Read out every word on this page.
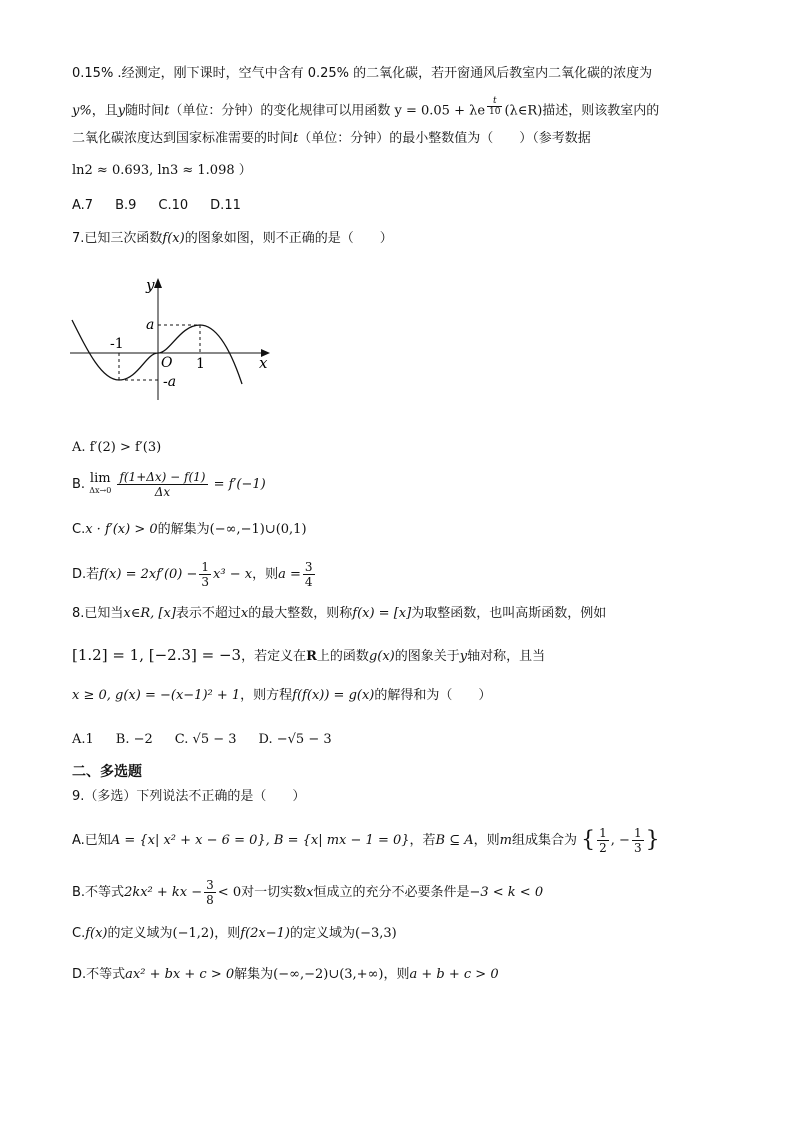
0.15% .经测定，刚下课时，空气中含有 0.25% 的二氧化碳，若开窗通风后教室内二氧化碳的浓度为
y%，且y随时间t（单位：分钟）的变化规律可以用函数 y = 0.05 + λe $^{\frac{t}{10}}$ (λ∈R)描述，则该教室内的
二氧化碳浓度达到国家标准需要的时间t（单位：分钟）的最小整数值为（　　）（参考数据
ln2 ≈ 0.693, ln3 ≈ 1.098 ）
A.7 B.9 C.10 D.11
7.已知三次函数f(x)的图象如图，则不正确的是（　　）
y
x
a
-a
-1
1
O
A. f′(2) > f′(3)
B. lim
Δx→0
$\frac{f(1+\Delta x) - f(1)}{\Delta x} = f'(-1)$
C.x · f′(x) > 0的解集为(−∞,−1)∪(0,1)
D.若$f(x) = 2xf'(0) - \frac{1}{3} x^3 - x$，则$a = \frac{3}{4}$
8.已知当x∈R, [x]表示不超过x的最大整数，则称f(x) = [x]为取整函数，也叫高斯函数，例如
[1.2] = 1, [−2.3] = −3，若定义在R上的函数g(x)的图象关于y轴对称，且当
x ≥ 0, g(x) = −(x−1)² + 1，则方程f(f(x)) = g(x)的解得和为（　　）
A.1 B. −2 C. √5 − 3 D. −√5 − 3
二、多选题
9.（多选）下列说法不正确的是（　　）
A.已知A = {x| x² + x − 6 = 0}, B = {x| mx − 1 = 0}，若B ⊆ A，则m组成集合为 { $\frac{1}{2}$ , − $\frac{1}{3}$ }
B.不等式2kx² + kx − $\frac{3}{8} < 0$对一切实数x恒成立的充分不必要条件是−3 < k < 0
C.f(x)的定义域为(−1,2)，则f(2x−1)的定义域为(−3,3)
D.不等式ax² + bx + c > 0解集为(−∞,−2)∪(3,+∞)，则a + b + c > 0
